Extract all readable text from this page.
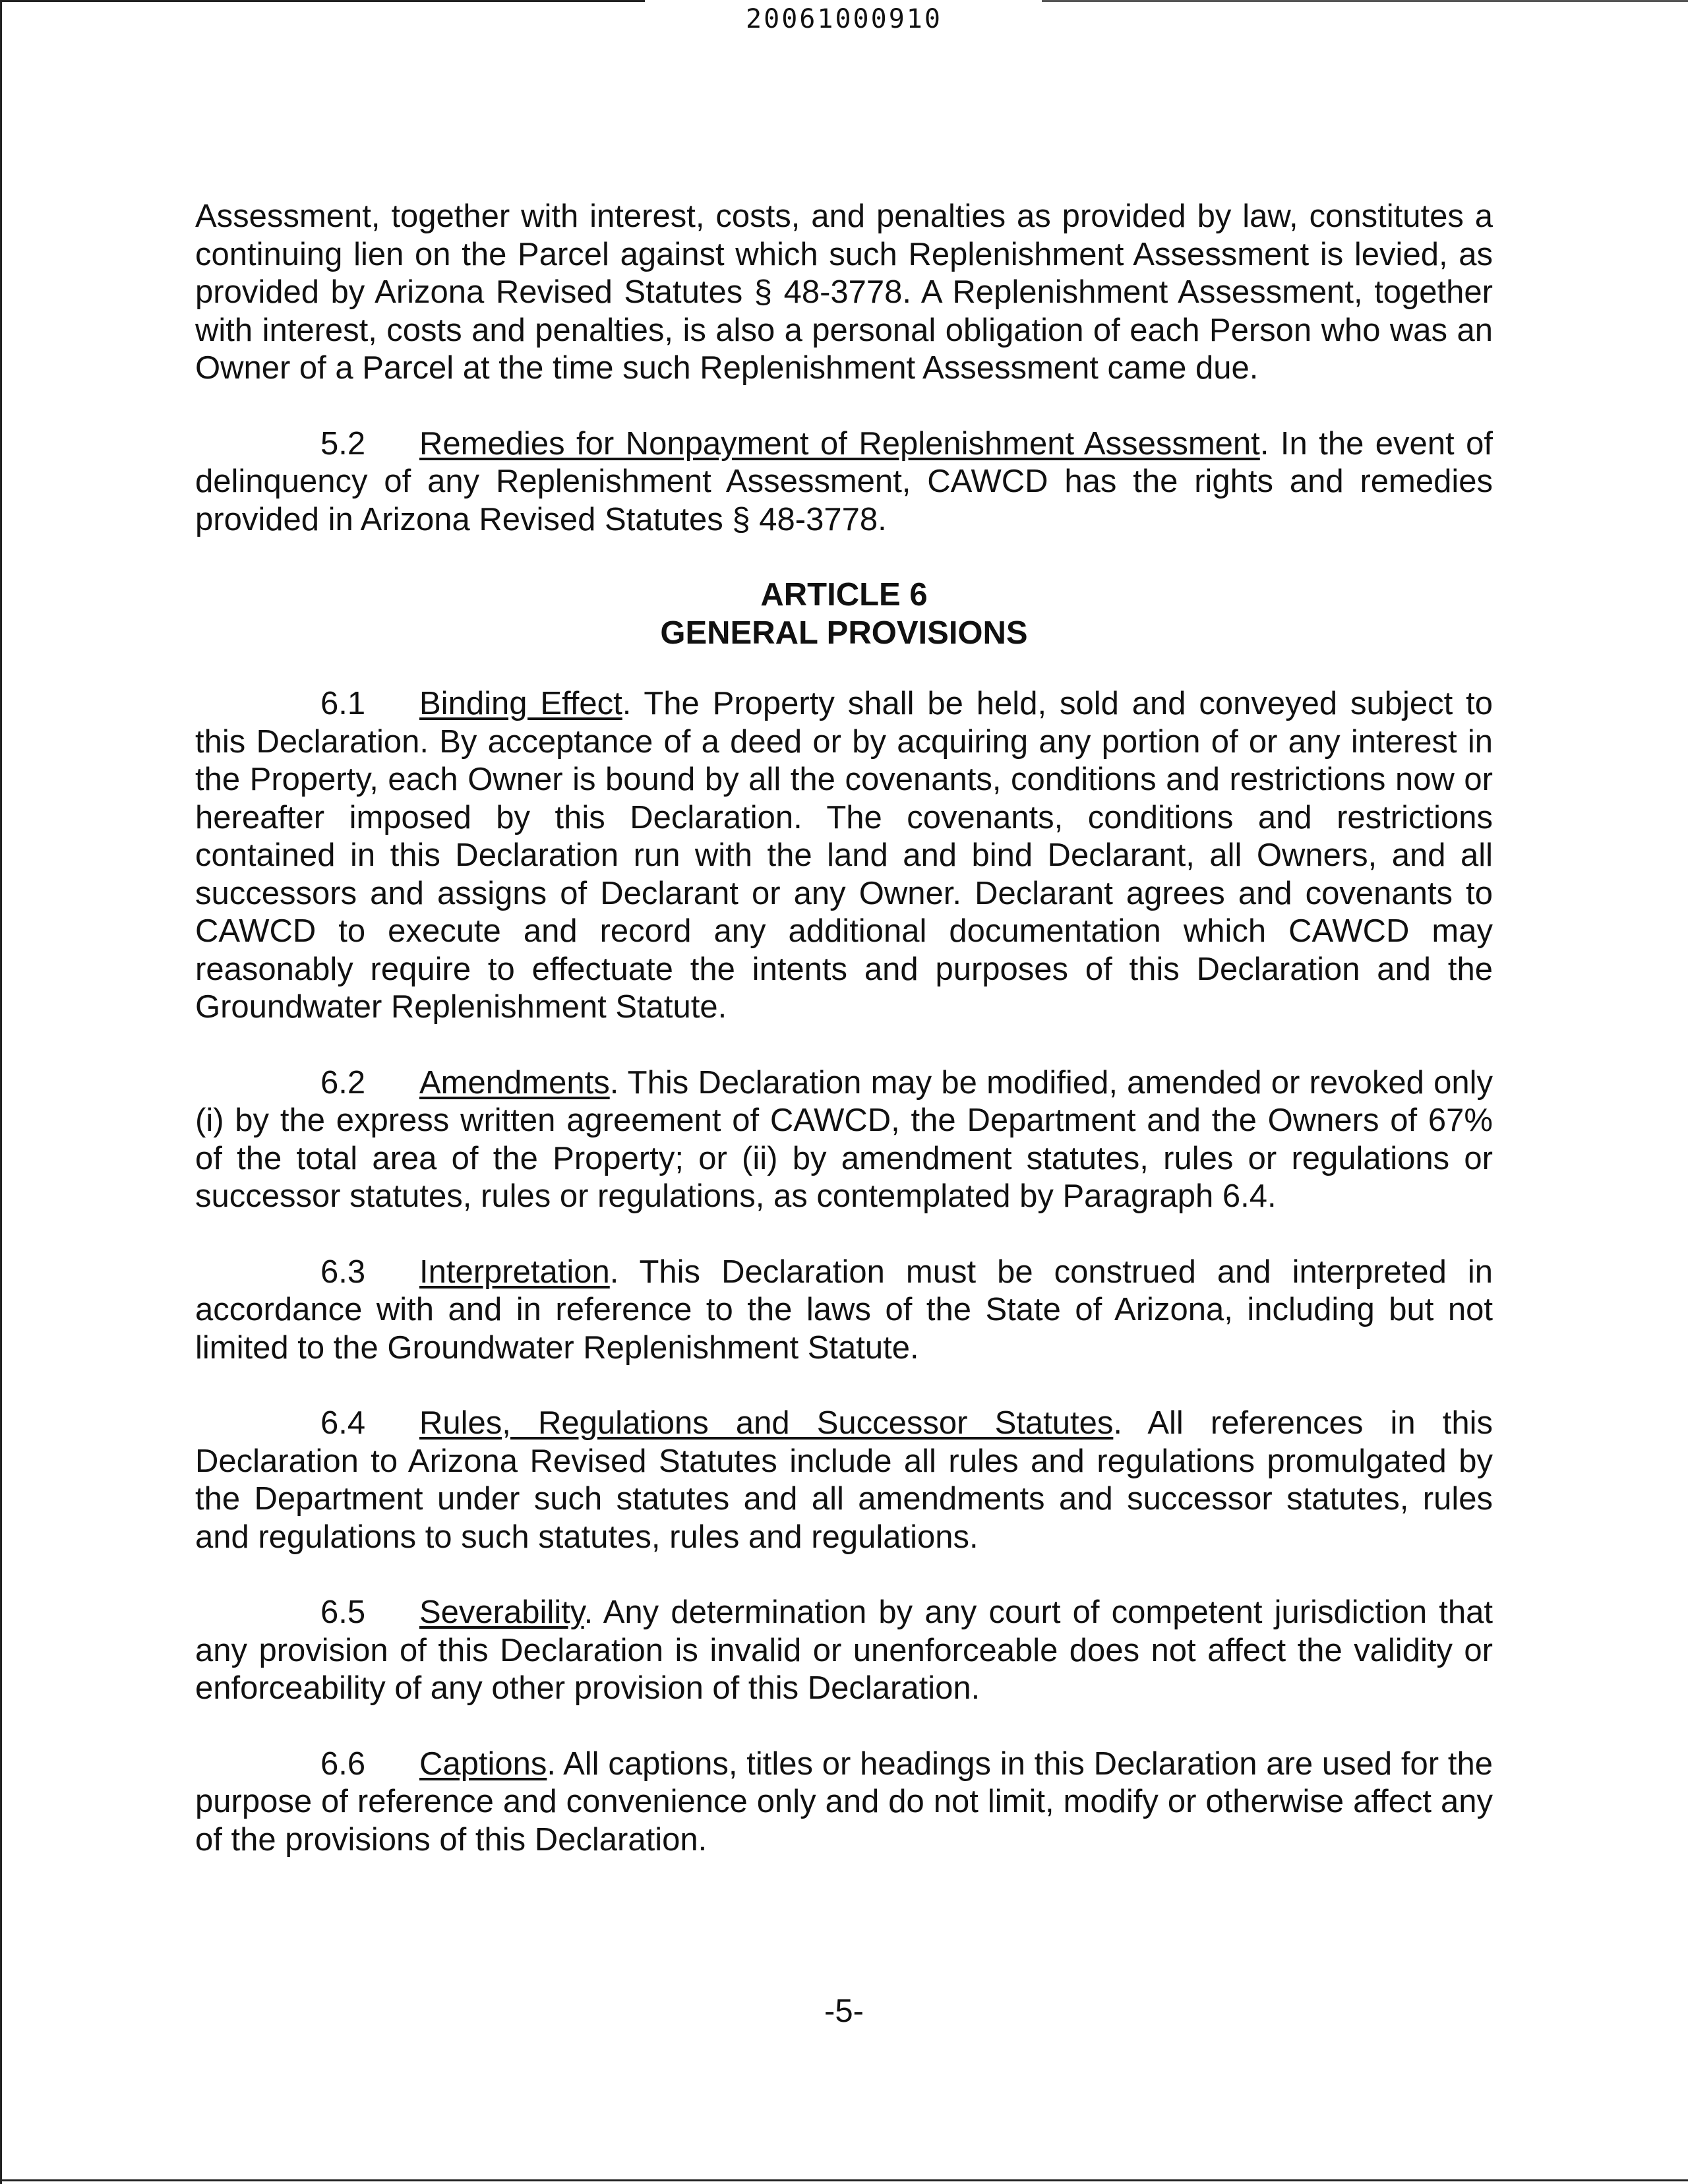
20061000910

Assessment, together with interest, costs, and penalties as provided by law, constitutes a continuing lien on the Parcel against which such Replenishment Assessment is levied, as provided by Arizona Revised Statutes § 48-3778. A Replenishment Assessment, together with interest, costs and penalties, is also a personal obligation of each Person who was an Owner of a Parcel at the time such Replenishment Assessment came due.

5.2 Remedies for Nonpayment of Replenishment Assessment. In the event of delinquency of any Replenishment Assessment, CAWCD has the rights and remedies provided in Arizona Revised Statutes § 48-3778.

ARTICLE 6

GENERAL PROVISIONS

6.1 Binding Effect. The Property shall be held, sold and conveyed subject to this Declaration. By acceptance of a deed or by acquiring any portion of or any interest in the Property, each Owner is bound by all the covenants, conditions and restrictions now or hereafter imposed by this Declaration. The covenants, conditions and restrictions contained in this Declaration run with the land and bind Declarant, all Owners, and all successors and assigns of Declarant or any Owner. Declarant agrees and covenants to CAWCD to execute and record any additional documentation which CAWCD may reasonably require to effectuate the intents and purposes of this Declaration and the Groundwater Replenishment Statute.

6.2 Amendments. This Declaration may be modified, amended or revoked only (i) by the express written agreement of CAWCD, the Department and the Owners of 67% of the total area of the Property; or (ii) by amendment statutes, rules or regulations or successor statutes, rules or regulations, as contemplated by Paragraph 6.4.

6.3 Interpretation. This Declaration must be construed and interpreted in accordance with and in reference to the laws of the State of Arizona, including but not limited to the Groundwater Replenishment Statute.

6.4 Rules, Regulations and Successor Statutes. All references in this Declaration to Arizona Revised Statutes include all rules and regulations promulgated by the Department under such statutes and all amendments and successor statutes, rules and regulations to such statutes, rules and regulations.

6.5 Severability. Any determination by any court of competent jurisdiction that any provision of this Declaration is invalid or unenforceable does not affect the validity or enforceability of any other provision of this Declaration.

6.6 Captions. All captions, titles or headings in this Declaration are used for the purpose of reference and convenience only and do not limit, modify or otherwise affect any of the provisions of this Declaration.

-5-
